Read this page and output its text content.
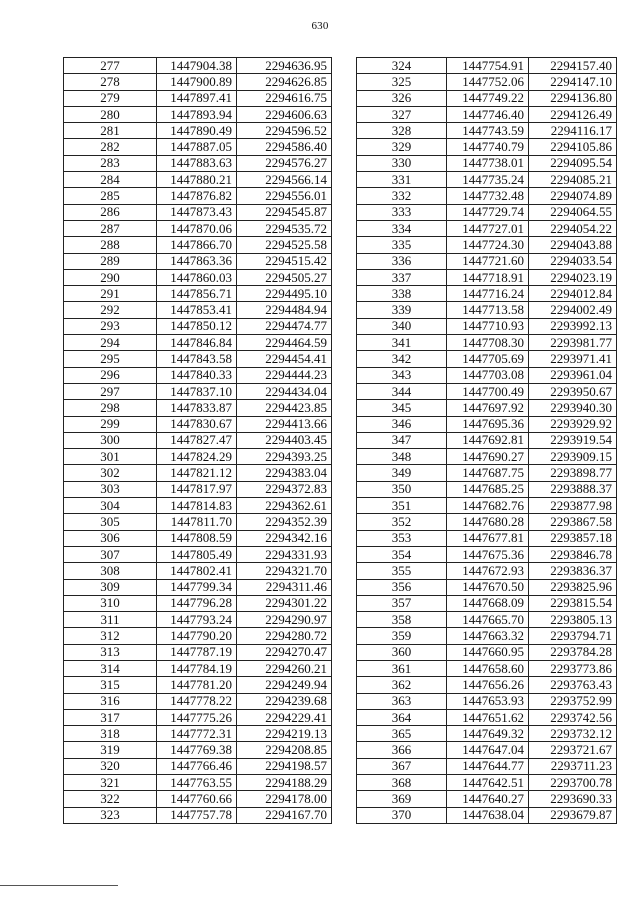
630
277	1447904.38	2294636.95
278	1447900.89	2294626.85
279	1447897.41	2294616.75
280	1447893.94	2294606.63
281	1447890.49	2294596.52
282	1447887.05	2294586.40
283	1447883.63	2294576.27
284	1447880.21	2294566.14
285	1447876.82	2294556.01
286	1447873.43	2294545.87
287	1447870.06	2294535.72
288	1447866.70	2294525.58
289	1447863.36	2294515.42
290	1447860.03	2294505.27
291	1447856.71	2294495.10
292	1447853.41	2294484.94
293	1447850.12	2294474.77
294	1447846.84	2294464.59
295	1447843.58	2294454.41
296	1447840.33	2294444.23
297	1447837.10	2294434.04
298	1447833.87	2294423.85
299	1447830.67	2294413.66
300	1447827.47	2294403.45
301	1447824.29	2294393.25
302	1447821.12	2294383.04
303	1447817.97	2294372.83
304	1447814.83	2294362.61
305	1447811.70	2294352.39
306	1447808.59	2294342.16
307	1447805.49	2294331.93
308	1447802.41	2294321.70
309	1447799.34	2294311.46
310	1447796.28	2294301.22
311	1447793.24	2294290.97
312	1447790.20	2294280.72
313	1447787.19	2294270.47
314	1447784.19	2294260.21
315	1447781.20	2294249.94
316	1447778.22	2294239.68
317	1447775.26	2294229.41
318	1447772.31	2294219.13
319	1447769.38	2294208.85
320	1447766.46	2294198.57
321	1447763.55	2294188.29
322	1447760.66	2294178.00
323	1447757.78	2294167.70
324	1447754.91	2294157.40
325	1447752.06	2294147.10
326	1447749.22	2294136.80
327	1447746.40	2294126.49
328	1447743.59	2294116.17
329	1447740.79	2294105.86
330	1447738.01	2294095.54
331	1447735.24	2294085.21
332	1447732.48	2294074.89
333	1447729.74	2294064.55
334	1447727.01	2294054.22
335	1447724.30	2294043.88
336	1447721.60	2294033.54
337	1447718.91	2294023.19
338	1447716.24	2294012.84
339	1447713.58	2294002.49
340	1447710.93	2293992.13
341	1447708.30	2293981.77
342	1447705.69	2293971.41
343	1447703.08	2293961.04
344	1447700.49	2293950.67
345	1447697.92	2293940.30
346	1447695.36	2293929.92
347	1447692.81	2293919.54
348	1447690.27	2293909.15
349	1447687.75	2293898.77
350	1447685.25	2293888.37
351	1447682.76	2293877.98
352	1447680.28	2293867.58
353	1447677.81	2293857.18
354	1447675.36	2293846.78
355	1447672.93	2293836.37
356	1447670.50	2293825.96
357	1447668.09	2293815.54
358	1447665.70	2293805.13
359	1447663.32	2293794.71
360	1447660.95	2293784.28
361	1447658.60	2293773.86
362	1447656.26	2293763.43
363	1447653.93	2293752.99
364	1447651.62	2293742.56
365	1447649.32	2293732.12
366	1447647.04	2293721.67
367	1447644.77	2293711.23
368	1447642.51	2293700.78
369	1447640.27	2293690.33
370	1447638.04	2293679.87
